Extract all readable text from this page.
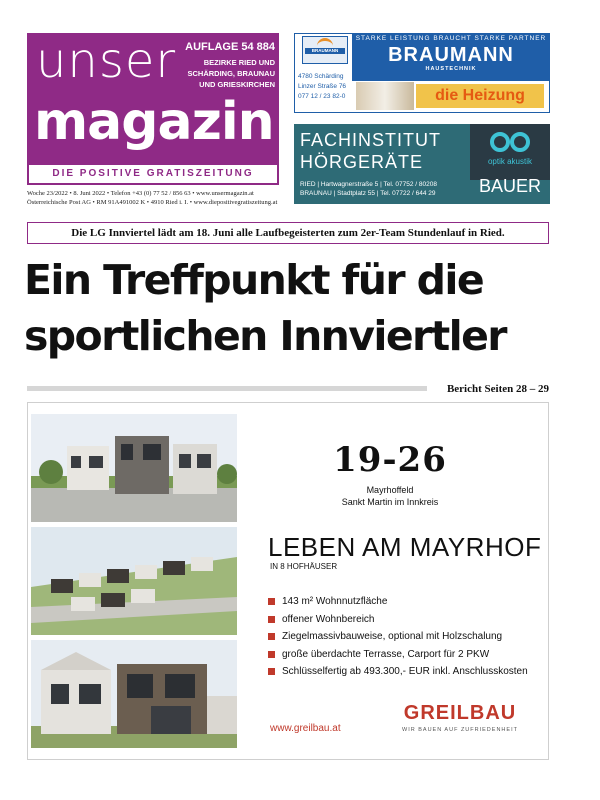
unser
magazin
AUFLAGE 54 884
BEZIRKE RIED UND SCHÄRDING, BRAUNAU UND GRIESKIRCHEN
DIE POSITIVE GRATISZEITUNG
Woche 23/2022 • 8. Juni 2022 • Telefon +43 (0) 77 52 / 856 63 • www.unsermagazin.at
Österreichische Post AG • RM 91A491002 K • 4910 Ried i. I. • www.diepositivegratiszeitung.at
BRAUMANN
4780 Schärding
Linzer Straße 76
077 12 / 23 82-0
STARKE LEISTUNG BRAUCHT STARKE PARTNER
BRAUMANN
HAUSTECHNIK
die Heizung
FACHINSTITUT
HÖRGERÄTE
RIED | Hartwagnerstraße 5 | Tel. 07752 / 80208
BRAUNAU | Stadtplatz 55 | Tel. 07722 / 644 29
optik akustik
BAUER
Die LG Innviertel lädt am 18. Juni alle Laufbegeisterten zum 2er-Team Stundenlauf in Ried.
Ein Treffpunkt für die
sportlichen Innviertler
Bericht Seiten 28 – 29
19-26
Mayrhoffeld
Sankt Martin im Innkreis
LEBEN AM MAYRHOF
IN 8 HOFHÄUSER
143 m² Wohnnutzfläche
offener Wohnbereich
Ziegelmassivbauweise, optional mit Holzschalung
große überdachte Terrasse, Carport für 2 PKW
Schlüsselfertig ab 493.300,- EUR inkl. Anschlusskosten
www.greilbau.at
GREILBAU
WIR BAUEN AUF ZUFRIEDENHEIT
